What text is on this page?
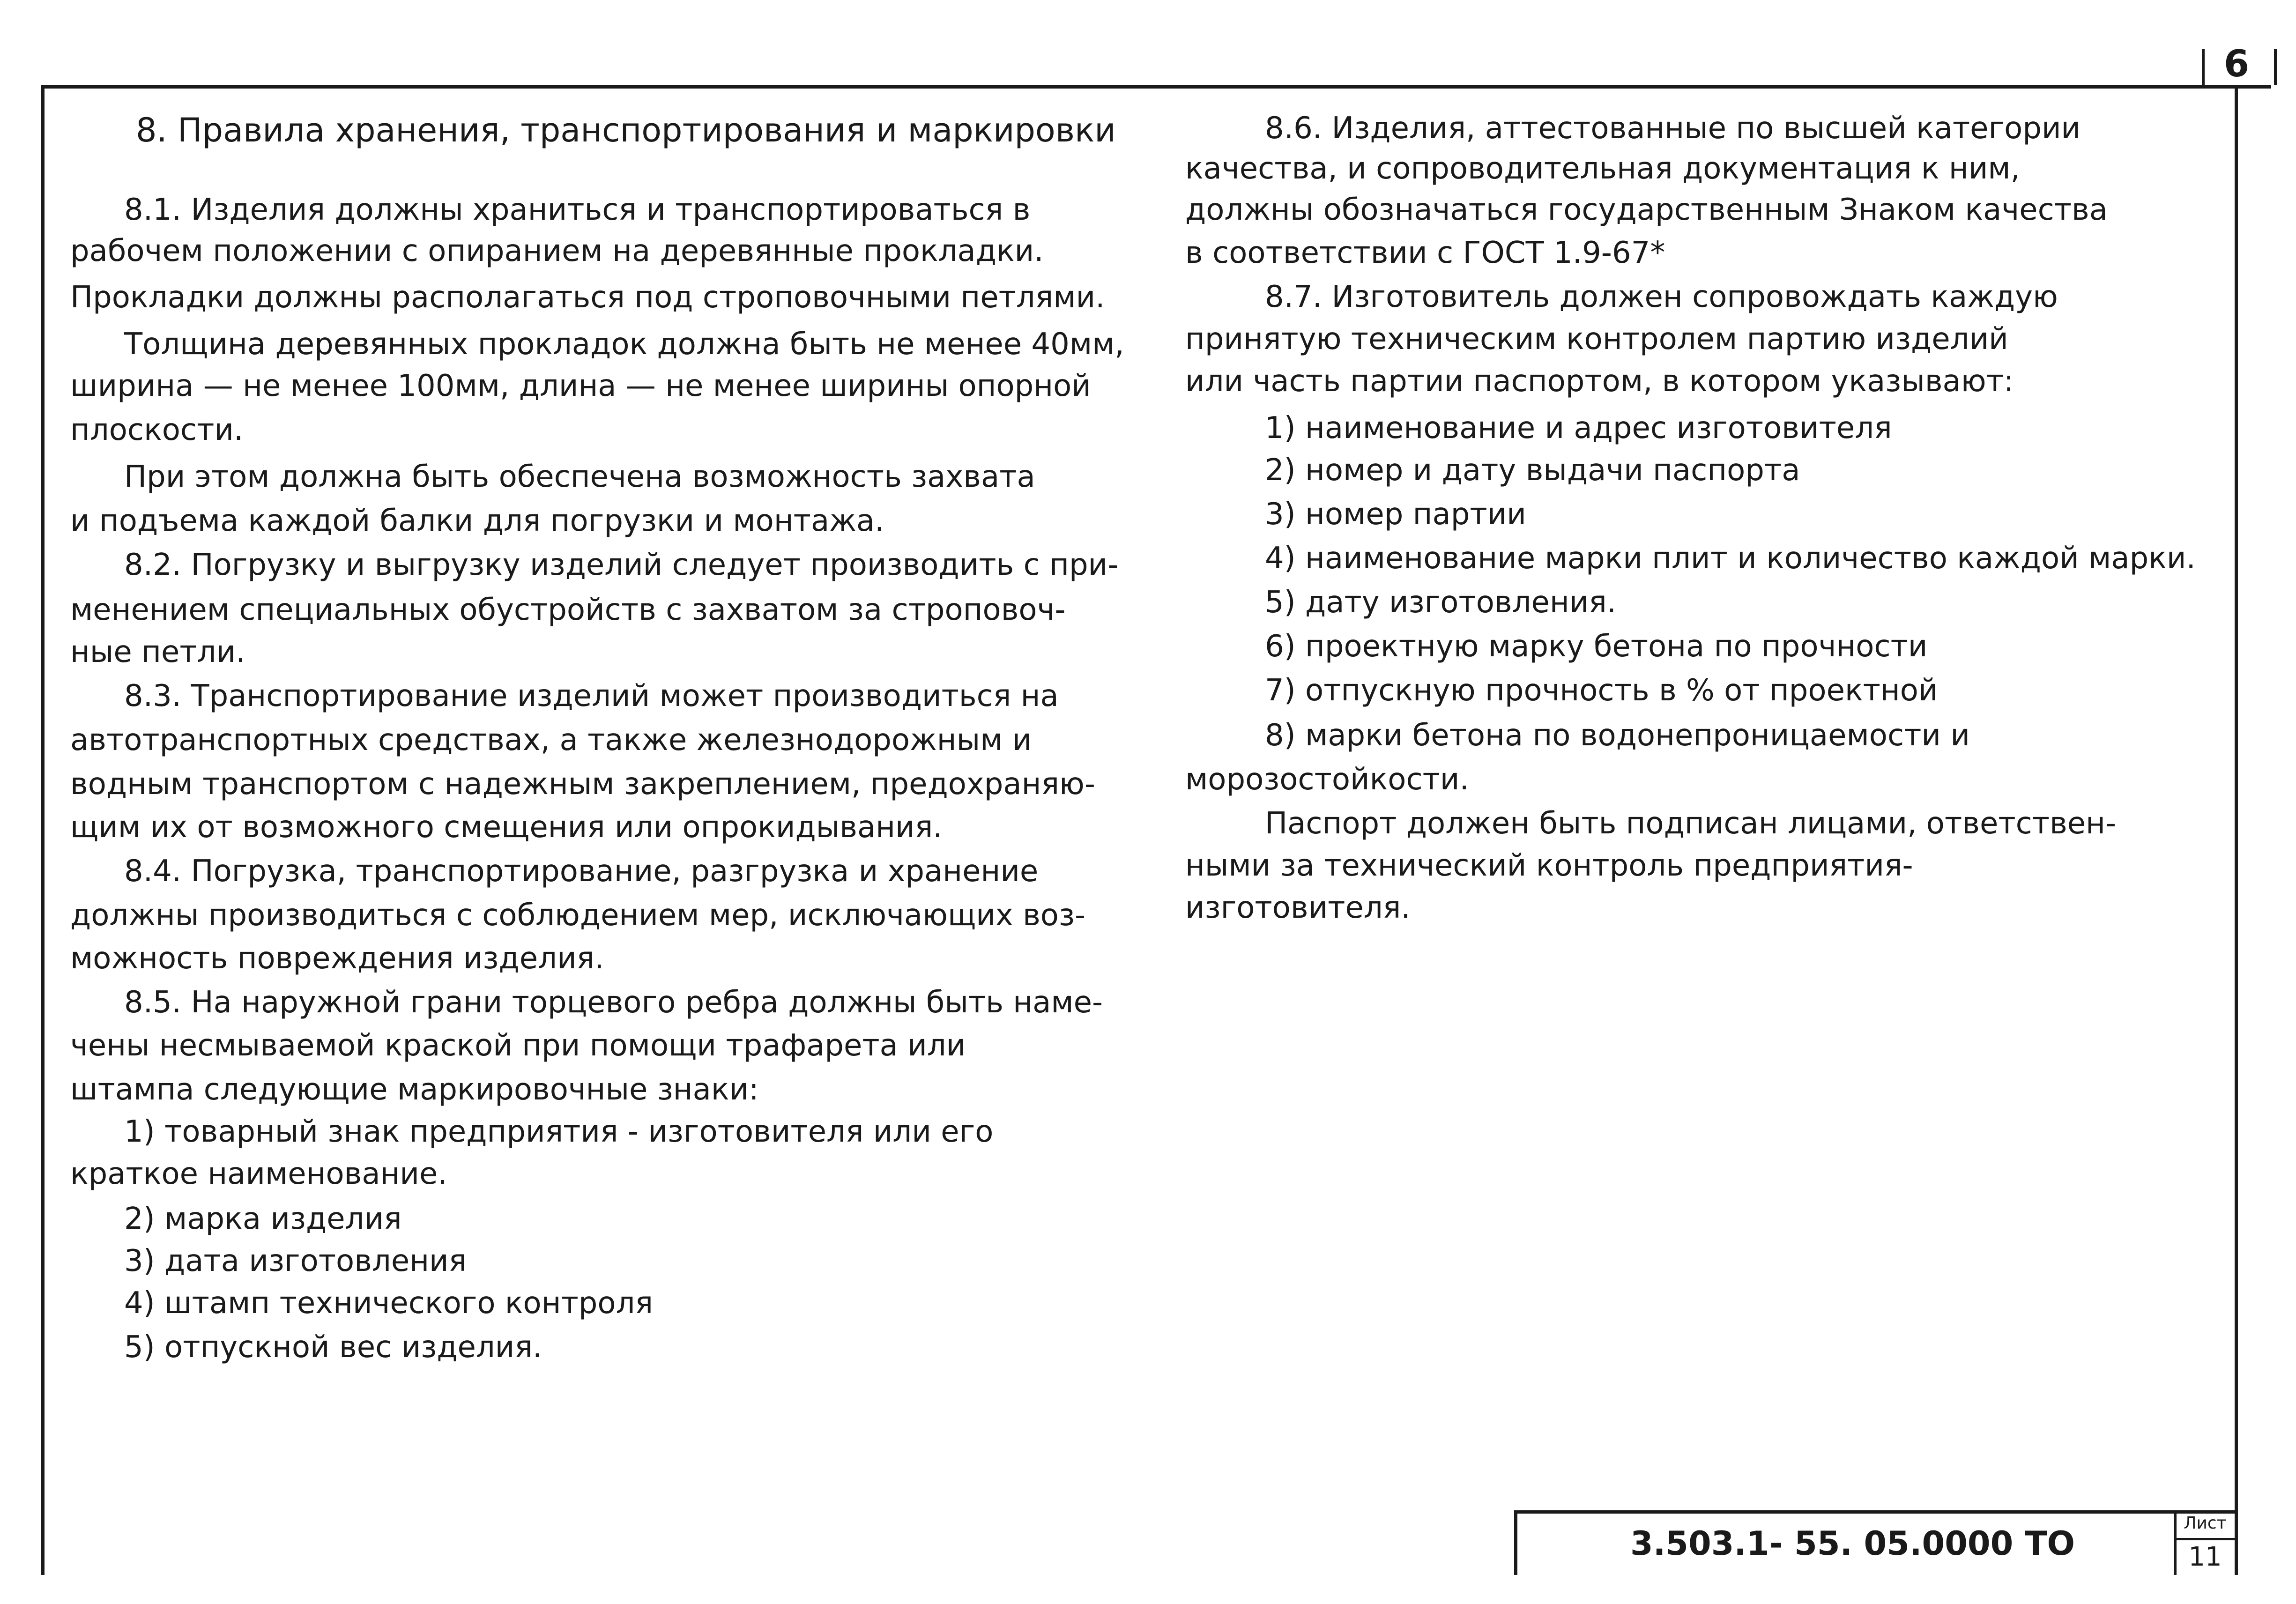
6
8. Правила хранения, транспортирования и маркировки
8.1. Изделия должны храниться и транспортироваться в
рабочем положении с опиранием на деревянные прокладки.
Прокладки должны располагаться под строповочными петлями.
Толщина деревянных прокладок должна быть не менее 40мм,
ширина — не менее 100мм, длина — не менее ширины опорной
плоскости.
При этом должна быть обеспечена возможность захвата
и подъема каждой балки для погрузки и монтажа.
8.2. Погрузку и выгрузку изделий следует производить с при-
менением специальных обустройств с захватом за строповоч-
ные петли.
8.3. Транспортирование изделий может производиться на
автотранспортных средствах, а также железнодорожным и
водным транспортом с надежным закреплением, предохраняю-
щим их от возможного смещения или опрокидывания.
8.4. Погрузка, транспортирование, разгрузка и хранение
должны производиться с соблюдением мер, исключающих воз-
можность повреждения изделия.
8.5. На наружной грани торцевого ребра должны быть наме-
чены несмываемой краской при помощи трафарета или
штампа следующие маркировочные знаки:
1) товарный знак предприятия - изготовителя или его
краткое наименование.
2) марка изделия
3) дата изготовления
4) штамп технического контроля
5) отпускной вес изделия.
8.6. Изделия, аттестованные по высшей категории
качества, и сопроводительная документация к ним,
должны обозначаться государственным Знаком качества
в соответствии с ГОСТ 1.9-67*
8.7. Изготовитель должен сопровождать каждую
принятую техническим контролем партию изделий
или часть партии паспортом, в котором указывают:
1) наименование и адрес изготовителя
2) номер и дату выдачи паспорта
3) номер партии
4) наименование марки плит и количество каждой марки.
5) дату изготовления.
6) проектную марку бетона по прочности
7) отпускную прочность в % от проектной
8) марки бетона по водонепроницаемости и
морозостойкости.
Паспорт должен быть подписан лицами, ответствен-
ными за технический контроль предприятия-
изготовителя.
3.503.1- 55. 05.0000 ТО
Лист
11
